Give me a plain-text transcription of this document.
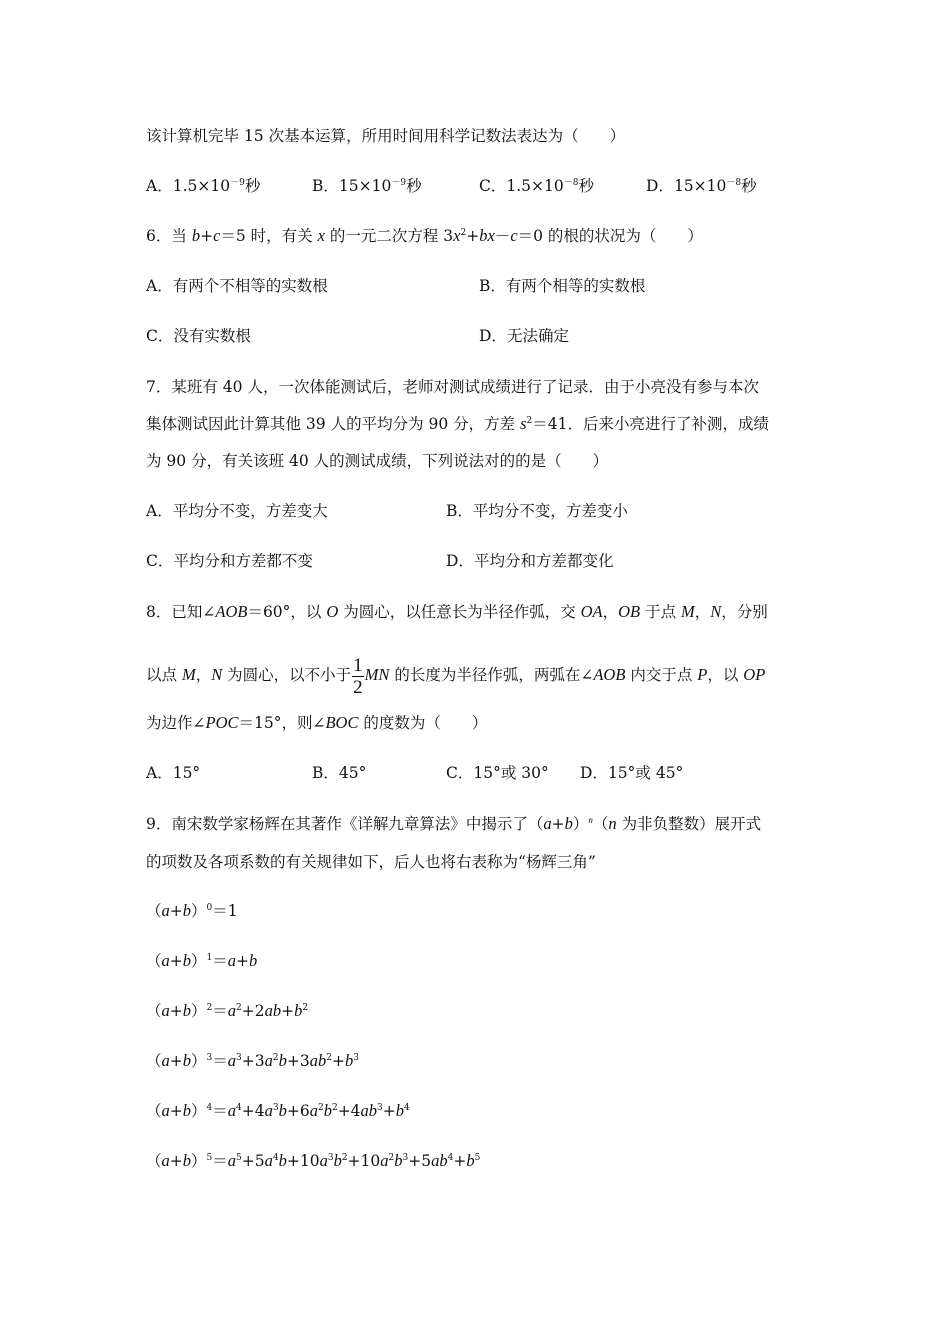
该计算机完毕 15 次基本运算，所用时间用科学记数法表达为（　　）
A．$1.5\times 10^{-9}$秒	B．$15\times 10^{-9}$秒	C．$1.5\times 10^{-8}$秒	D．$15\times 10^{-8}$秒
6．当 b+c＝5 时，有关 x 的一元二次方程 $3x^2+bx-c=0$ 的根的状况为（　　）
A．有两个不相等的实数根	B．有两个相等的实数根
C．没有实数根	D．无法确定
7．某班有 40 人，一次体能测试后，老师对测试成绩进行了记录．由于小亮没有参与本次
集体测试因此计算其他 39 人的平均分为 90 分，方差 $s^2=41$．后来小亮进行了补测，成绩
为 90 分，有关该班 40 人的测试成绩，下列说法对的的是（　　）
A．平均分不变，方差变大	B．平均分不变，方差变小
C．平均分和方差都不变	D．平均分和方差都变化
8．已知∠AOB＝60°，以 O 为圆心，以任意长为半径作弧，交 OA，OB 于点 M，N，分别
以点 M，N 为圆心，以不小于 $\frac{1}{2}$ MN 的长度为半径作弧，两弧在∠AOB 内交于点 P，以 OP
为边作∠POC＝15°，则∠BOC 的度数为（　　）
A．15°	B．45°	C．15°或 30° D．15°或 45°
9．南宋数学家杨辉在其著作《详解九章算法》中揭示了$(a+b)^n(n$ 为非负整数）展开式
的项数及各项系数的有关规律如下，后人也将右表称为“杨辉三角”
$(a+b)^0=1$
$(a+b)^1=a+b$
$(a+b)^2=a^2+2ab+b^2$
$(a+b)^3=a^3+3a^2b+3ab^2+b^3$
$(a+b)^4=a^4+4a^3b+6a^2b^2+4ab^3+b^4$
$(a+b)^5=a^5+5a^4b+10a^3b^2+10a^2b^3+5ab^4+b^5$
